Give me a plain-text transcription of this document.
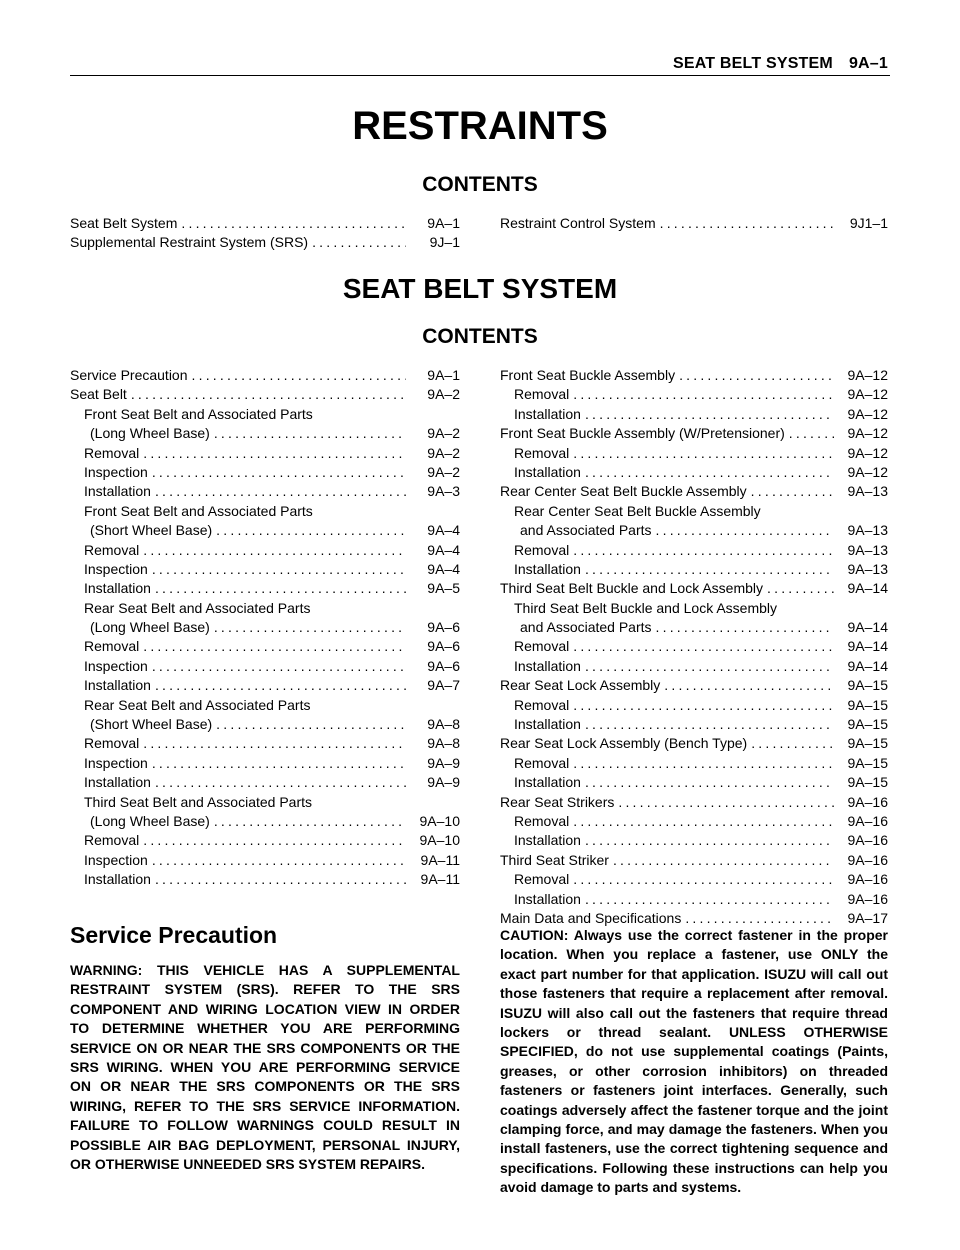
SEAT BELT SYSTEM 9A–1
RESTRAINTS
CONTENTS
Seat Belt System .....	9A–1
Supplemental Restraint System (SRS) .....	9J–1
Restraint Control System .....	9J1–1
SEAT BELT SYSTEM
CONTENTS
Service Precaution .....	9A–1
Seat Belt .....	9A–2
Front Seat Belt and Associated Parts
(Long Wheel Base) .....	9A–2
Removal .....	9A–2
Inspection .....	9A–2
Installation .....	9A–3
Front Seat Belt and Associated Parts
(Short Wheel Base) .....	9A–4
Removal .....	9A–4
Inspection .....	9A–4
Installation .....	9A–5
Rear Seat Belt and Associated Parts
(Long Wheel Base) .....	9A–6
Removal .....	9A–6
Inspection .....	9A–6
Installation .....	9A–7
Rear Seat Belt and Associated Parts
(Short Wheel Base) .....	9A–8
Removal .....	9A–8
Inspection .....	9A–9
Installation .....	9A–9
Third Seat Belt and Associated Parts
(Long Wheel Base) .....	9A–10
Removal .....	9A–10
Inspection .....	9A–11
Installation .....	9A–11
Front Seat Buckle Assembly .....	9A–12
Removal .....	9A–12
Installation .....	9A–12
Front Seat Buckle Assembly (W/Pretensioner) .....	9A–12
Removal .....	9A–12
Installation .....	9A–12
Rear Center Seat Belt Buckle Assembly .....	9A–13
Rear Center Seat Belt Buckle Assembly
and Associated Parts .....	9A–13
Removal .....	9A–13
Installation .....	9A–13
Third Seat Belt Buckle and Lock Assembly .....	9A–14
Third Seat Belt Buckle and Lock Assembly
and Associated Parts .....	9A–14
Removal .....	9A–14
Installation .....	9A–14
Rear Seat Lock Assembly .....	9A–15
Removal .....	9A–15
Installation .....	9A–15
Rear Seat Lock Assembly (Bench Type) .....	9A–15
Removal .....	9A–15
Installation .....	9A–15
Rear Seat Strikers .....	9A–16
Removal .....	9A–16
Installation .....	9A–16
Third Seat Striker .....	9A–16
Removal .....	9A–16
Installation .....	9A–16
Main Data and Specifications .....	9A–17
Service Precaution
WARNING: THIS VEHICLE HAS A SUPPLEMENTAL RESTRAINT SYSTEM (SRS). REFER TO THE SRS COMPONENT AND WIRING LOCATION VIEW IN ORDER TO DETERMINE WHETHER YOU ARE PERFORMING SERVICE ON OR NEAR THE SRS COMPONENTS OR THE SRS WIRING. WHEN YOU ARE PERFORMING SERVICE ON OR NEAR THE SRS COMPONENTS OR THE SRS WIRING, REFER TO THE SRS SERVICE INFORMATION. FAILURE TO FOLLOW WARNINGS COULD RESULT IN POSSIBLE AIR BAG DEPLOYMENT, PERSONAL INJURY, OR OTHERWISE UNNEEDED SRS SYSTEM REPAIRS.
CAUTION: Always use the correct fastener in the proper location. When you replace a fastener, use ONLY the exact part number for that application. ISUZU will call out those fasteners that require a replacement after removal. ISUZU will also call out the fasteners that require thread lockers or thread sealant. UNLESS OTHERWISE SPECIFIED, do not use supplemental coatings (Paints, greases, or other corrosion inhibitors) on threaded fasteners or fasteners joint interfaces. Generally, such coatings adversely affect the fastener torque and the joint clamping force, and may damage the fasteners. When you install fasteners, use the correct tightening sequence and specifications. Following these instructions can help you avoid damage to parts and systems.
